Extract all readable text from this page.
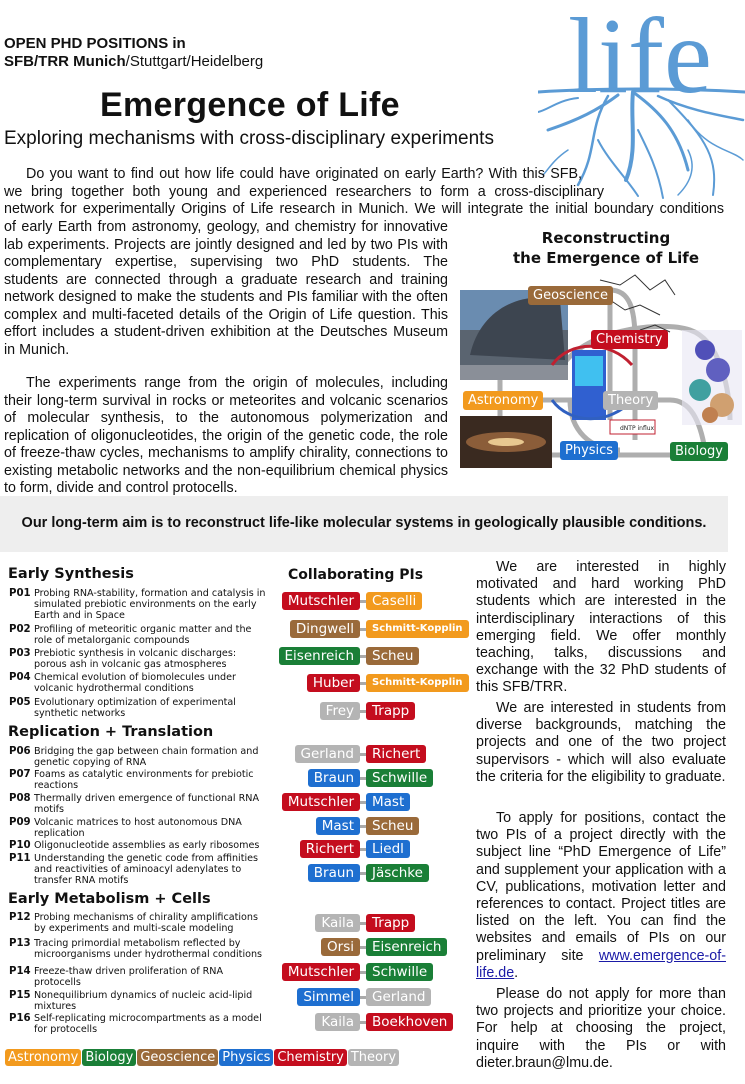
OPEN PHD POSITIONS in
SFB/TRR Munich/Stuttgart/Heidelberg	life
Emergence of Life
Exploring mechanisms with cross-disciplinary experiments
Do you want to find out how life could have originated on early Earth? With this SFB,
we bring together both young and experienced researchers to form a cross-disciplinary
network for experimentally Origins of Life research in Munich. We will integrate the initial boundary conditions
of early Earth from astronomy, geology, and chemistry for innovative lab experiments. Projects are jointly designed and led by two PIs with complementary expertise, supervising two PhD students. The students are connected through a graduate research and training network designed to make the students and PIs familiar with the often complex and multi-faceted details of the Origin of Life question. This effort includes a student-driven exhibition at the Deutsches Museum in Munich.
The experiments range from the origin of molecules, including their long-term survival in rocks or meteorites and volcanic scenarios of molecular synthesis, to the autonomous polymerization and replication of oligonucleotides, the origin of the genetic code, the role of freeze-thaw cycles, mechanisms to amplify chirality, connections to existing metabolic networks and the non-equilibrium chemical physics to form, divide and control protocells.
Reconstructing
the Emergence of Life
dNTP influx
Geoscience
Chemistry
Astronomy	Theory
Physics	Biology
Our long-term aim is to reconstruct life-like molecular systems in geologically plausible conditions.
Early Synthesis
Replication + Translation
Early Metabolism + Cells
Collaborating PIs
P01 Probing RNA-stability, formation and catalysis in simulated prebiotic environments on the early Earth and in Space
Mutschler	Caselli
P02 Profiling of meteoritic organic matter and the role of metalorganic compounds
Dingwell	Schmitt-Kopplin
P03 Prebiotic synthesis in volcanic discharges: porous ash in volcanic gas atmospheres
Eisenreich	Scheu
P04 Chemical evolution of biomolecules under volcanic hydrothermal conditions	Huber	Schmitt-Kopplin
P05 Evolutionary optimization of experimental synthetic networks	Frey	Trapp
P06 Bridging the gap between chain formation and genetic copying of RNA
Gerland	Richert
P07 Foams as catalytic environments for prebiotic reactions	Braun	Schwille
P08 Thermally driven emergence of functional RNA motifs	Mutschler	Mast
P09 Volcanic matrices to host autonomous DNA replication	Mast	Scheu
P10 Oligonucleotide assemblies as early ribosomes	Richert	Liedl
P11 Understanding the genetic code from affinities and reactivities of aminoacyl adenylates to transfer RNA motifs	Braun	Jäschke
P12 Probing mechanisms of chirality amplifications by experiments and multi-scale modeling	Kaila	Trapp
P13 Tracing primordial metabolism reflected by microorganisms under hydrothermal conditions	Orsi	Eisenreich
P14 Freeze-thaw driven proliferation of RNA protocells
Mutschler	Schwille
P15 Nonequilibrium dynamics of nucleic acid-lipid mixtures
Simmel	Gerland
P16 Self-replicating microcompartments as a model for protocells	Kaila	Boekhoven
Astronomy Biology Geoscience Physics Chemistry Theory
We are interested in highly motivated and hard working PhD students which are interested in the interdisciplinary interactions of this emerging field. We offer monthly teaching, talks, discussions and exchange with the 32 PhD students of this SFB/TRR.
We are interested in students from diverse backgrounds, matching the projects and one of the two project supervisors - which will also evaluate the criteria for the eligibility to graduate.
To apply for positions, contact the two PIs of a project directly with the subject line “PhD Emergence of Life” and supplement your application with a CV, publications, motivation letter and references to contact. Project titles are listed on the left. You can find the websites and emails of PIs on our preliminary site www.emergence-of-life.de.
Please do not apply for more than two projects and prioritize your choice. For help at choosing the project, inquire with the PIs or with dieter.braun@lmu.de.
